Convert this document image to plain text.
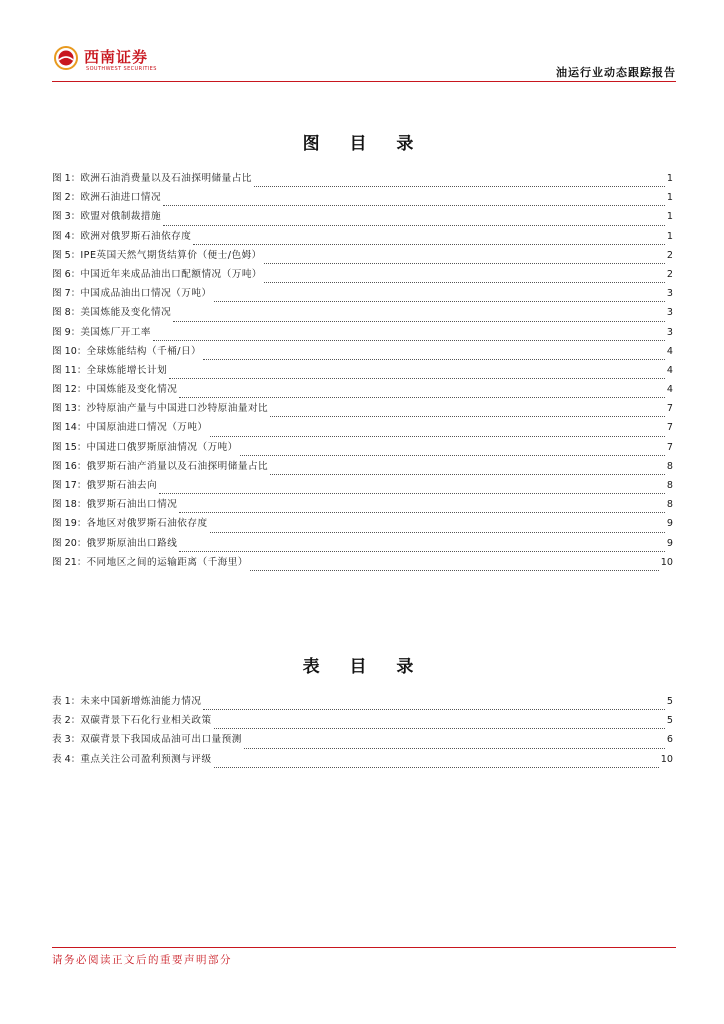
西南证券
SOUTHWEST SECURITIES	油运行业动态跟踪报告
图 目 录
图 1： 欧洲石油消费量以及石油探明储量占比	1
图 2： 欧洲石油进口情况	1
图 3： 欧盟对俄制裁措施	1
图 4： 欧洲对俄罗斯石油依存度	1
图 5： IPE英国天然气期货结算价（便士/色姆）	2
图 6： 中国近年来成品油出口配额情况（万吨）	2
图 7： 中国成品油出口情况（万吨）	3
图 8： 美国炼能及变化情况	3
图 9： 美国炼厂开工率	3
图 10： 全球炼能结构（千桶/日）	4
图 11： 全球炼能增长计划	4
图 12： 中国炼能及变化情况	4
图 13： 沙特原油产量与中国进口沙特原油量对比	7
图 14： 中国原油进口情况（万吨）	7
图 15： 中国进口俄罗斯原油情况（万吨）	7
图 16： 俄罗斯石油产消量以及石油探明储量占比	8
图 17： 俄罗斯石油去向	8
图 18： 俄罗斯石油出口情况	8
图 19： 各地区对俄罗斯石油依存度	9
图 20： 俄罗斯原油出口路线	9
图 21： 不同地区之间的运输距离（千海里）	10
表 目 录
表 1： 未来中国新增炼油能力情况	5
表 2： 双碳背景下石化行业相关政策	5
表 3： 双碳背景下我国成品油可出口量预测	6
表 4： 重点关注公司盈利预测与评级	10
请务必阅读正文后的重要声明部分
